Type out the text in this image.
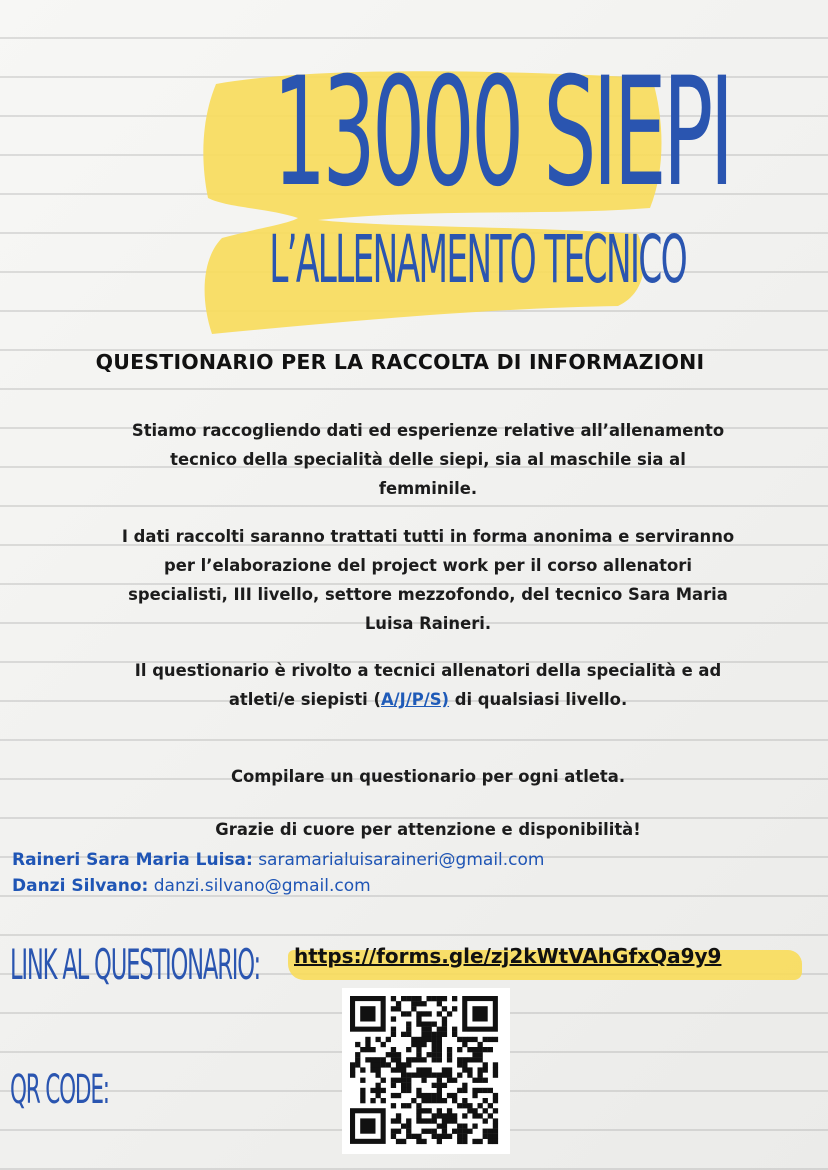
13000 SIEPI
L’ALLENAMENTO TECNICO
QUESTIONARIO PER LA RACCOLTA DI INFORMAZIONI
Stiamo raccogliendo dati ed esperienze relative all’allenamento tecnico della specialità delle siepi, sia al maschile sia al femminile.
I dati raccolti saranno trattati tutti in forma anonima e serviranno per l’elaborazione del project work per il corso allenatori specialisti, III livello, settore mezzofondo, del tecnico Sara Maria Luisa Raineri.
Il questionario è rivolto a tecnici allenatori della specialità e ad atleti/e siepisti (A/J/P/S) di qualsiasi livello.
Compilare un questionario per ogni atleta.
Grazie di cuore per attenzione e disponibilità!
Raineri Sara Maria Luisa: saramarialuisaraineri@gmail.com
Danzi Silvano: danzi.silvano@gmail.com
LINK AL QUESTIONARIO:	https://forms.gle/zj2kWtVAhGfxQa9y9
QR CODE:
